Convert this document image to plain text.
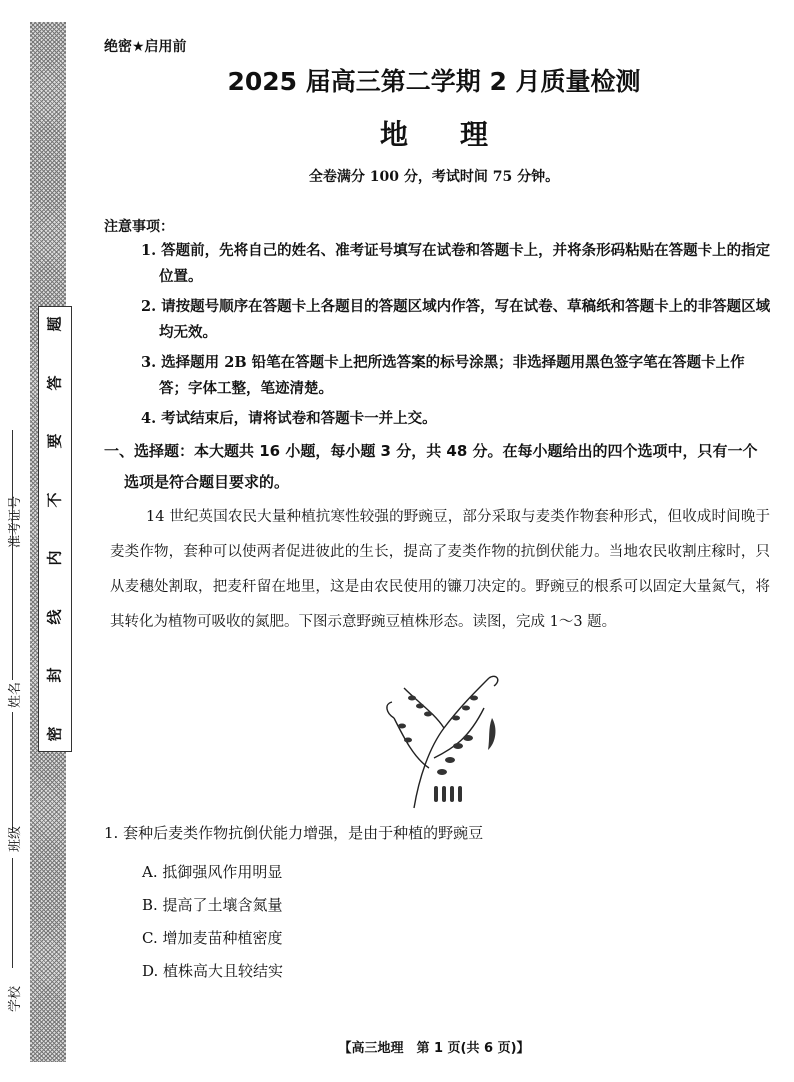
题
答
要
不
内
线
封
密
学校
班级
姓名
准考证号
绝密★启用前
2025 届高三第二学期 2 月质量检测
地理
全卷满分 100 分，考试时间 75 分钟。
注意事项：
1. 答题前，先将自己的姓名、准考证号填写在试卷和答题卡上，并将条形码粘贴在答题卡上的指定位置。
2. 请按题号顺序在答题卡上各题目的答题区域内作答，写在试卷、草稿纸和答题卡上的非答题区域均无效。
3. 选择题用 2B 铅笔在答题卡上把所选答案的标号涂黑；非选择题用黑色签字笔在答题卡上作答；字体工整，笔迹清楚。
4. 考试结束后，请将试卷和答题卡一并上交。
一、选择题：本大题共 16 小题，每小题 3 分，共 48 分。在每小题给出的四个选项中，只有一个选项是符合题目要求的。
14 世纪英国农民大量种植抗寒性较强的野豌豆，部分采取与麦类作物套种形式，但收成时间晚于麦类作物，套种可以使两者促进彼此的生长，提高了麦类作物的抗倒伏能力。当地农民收割庄稼时，只从麦穗处割取，把麦秆留在地里，这是由农民使用的镰刀决定的。野豌豆的根系可以固定大量氮气，将其转化为植物可吸收的氮肥。下图示意野豌豆植株形态。读图，完成 1～3 题。
1. 套种后麦类作物抗倒伏能力增强，是由于种植的野豌豆
A. 抵御强风作用明显
B. 提高了土壤含氮量
C. 增加麦苗种植密度
D. 植株高大且较结实
【高三地理　第 1 页(共 6 页)】
